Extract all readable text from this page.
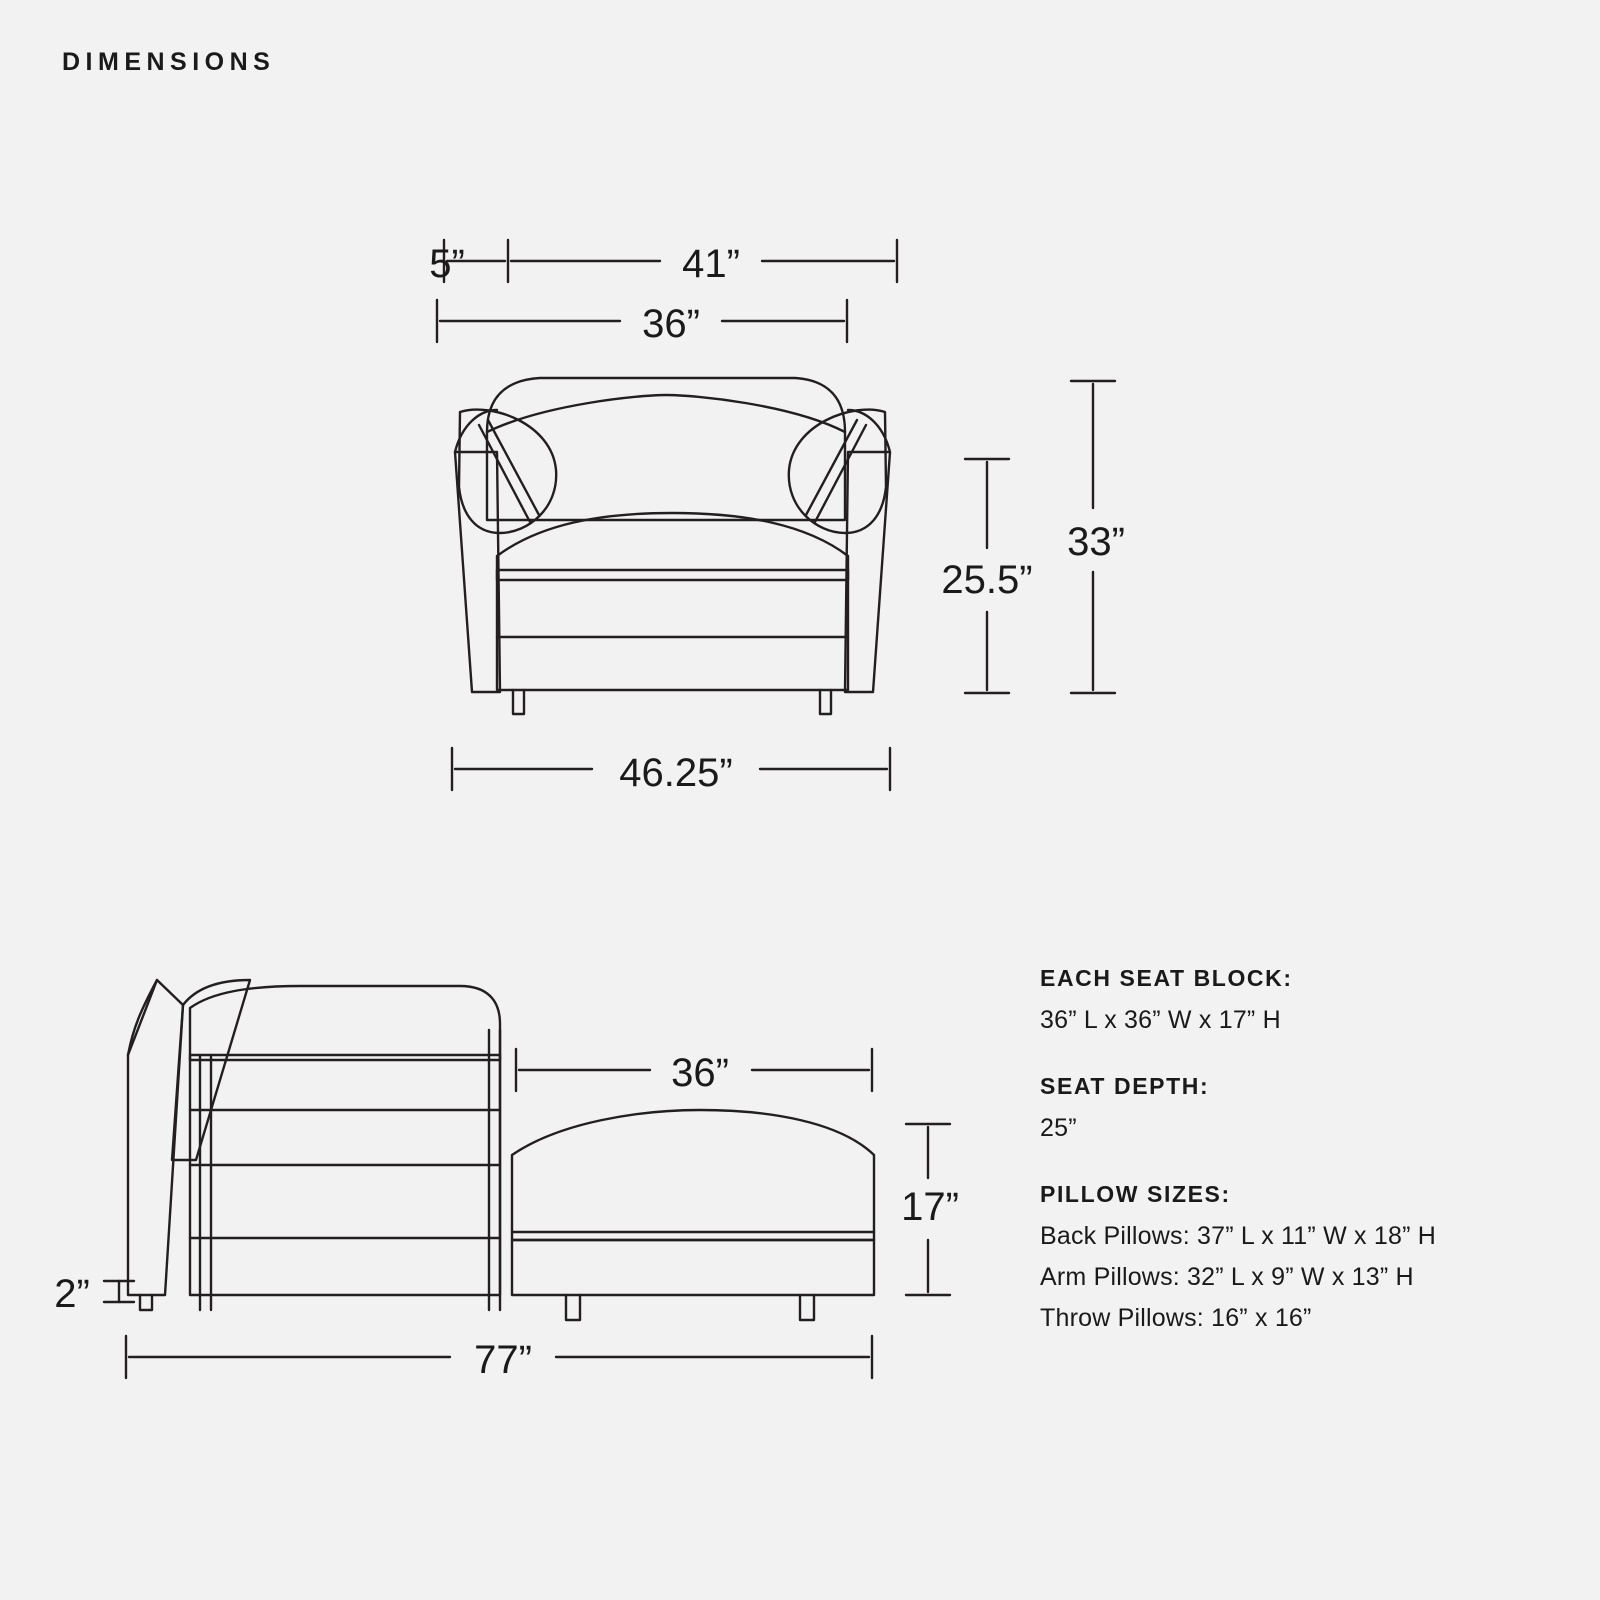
DIMENSIONS
5”	41”
36”
46.25”
25.5”
33”
36”
17”
2”
77”
EACH SEAT BLOCK:
36” L x 36” W x 17” H
SEAT DEPTH:
25”
PILLOW SIZES:
Back Pillows: 37” L x 11” W x 18” H
Arm Pillows: 32” L x 9” W x 13” H
Throw Pillows: 16” x 16”
